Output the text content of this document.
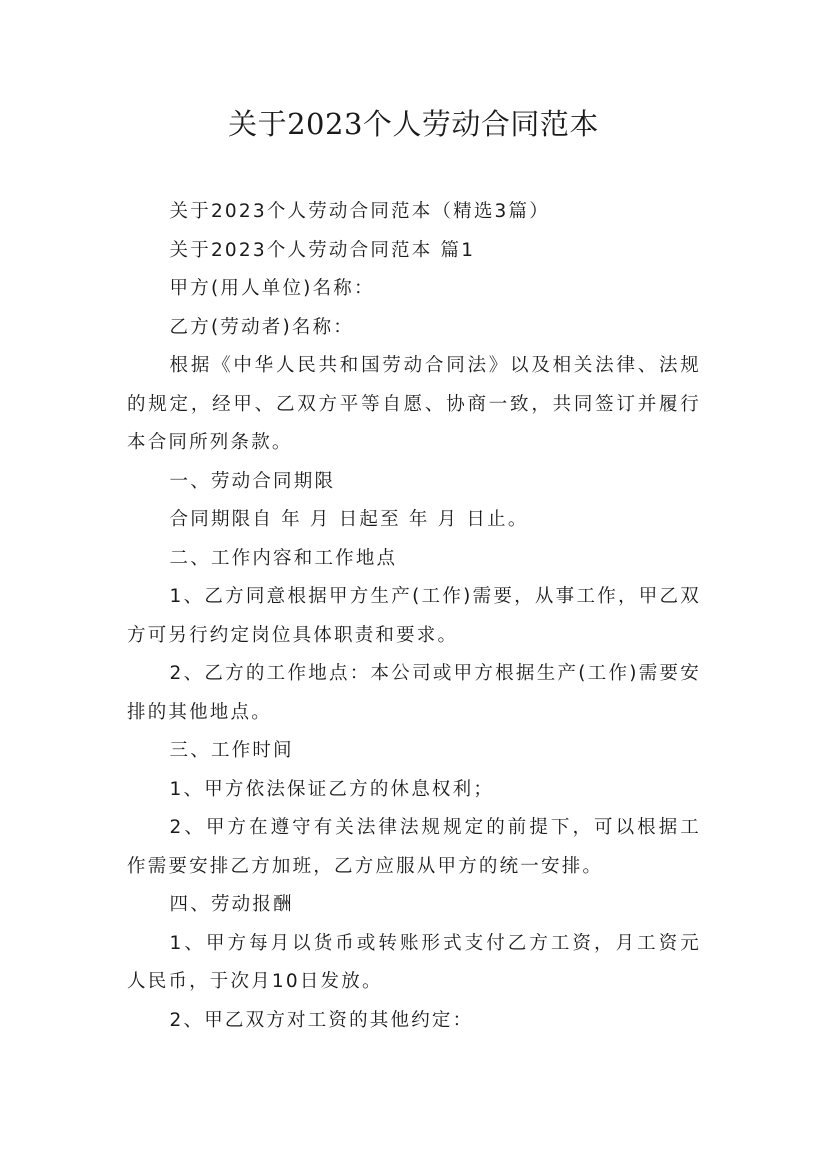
关于2023个人劳动合同范本

关于2023个人劳动合同范本（精选3篇）

关于2023个人劳动合同范本 篇1

甲方(用人单位)名称：

乙方(劳动者)名称：

根据《中华人民共和国劳动合同法》以及相关法律、法规的规定，经甲、乙双方平等自愿、协商一致，共同签订并履行本合同所列条款。

一、劳动合同期限

合同期限自 年 月 日起至 年 月 日止。

二、工作内容和工作地点

1、乙方同意根据甲方生产(工作)需要，从事工作，甲乙双方可另行约定岗位具体职责和要求。

2、乙方的工作地点：本公司或甲方根据生产(工作)需要安排的其他地点。

三、工作时间

1、甲方依法保证乙方的休息权利；

2、甲方在遵守有关法律法规规定的前提下，可以根据工作需要安排乙方加班，乙方应服从甲方的统一安排。

四、劳动报酬

1、甲方每月以货币或转账形式支付乙方工资，月工资元人民币，于次月10日发放。

2、甲乙双方对工资的其他约定：
